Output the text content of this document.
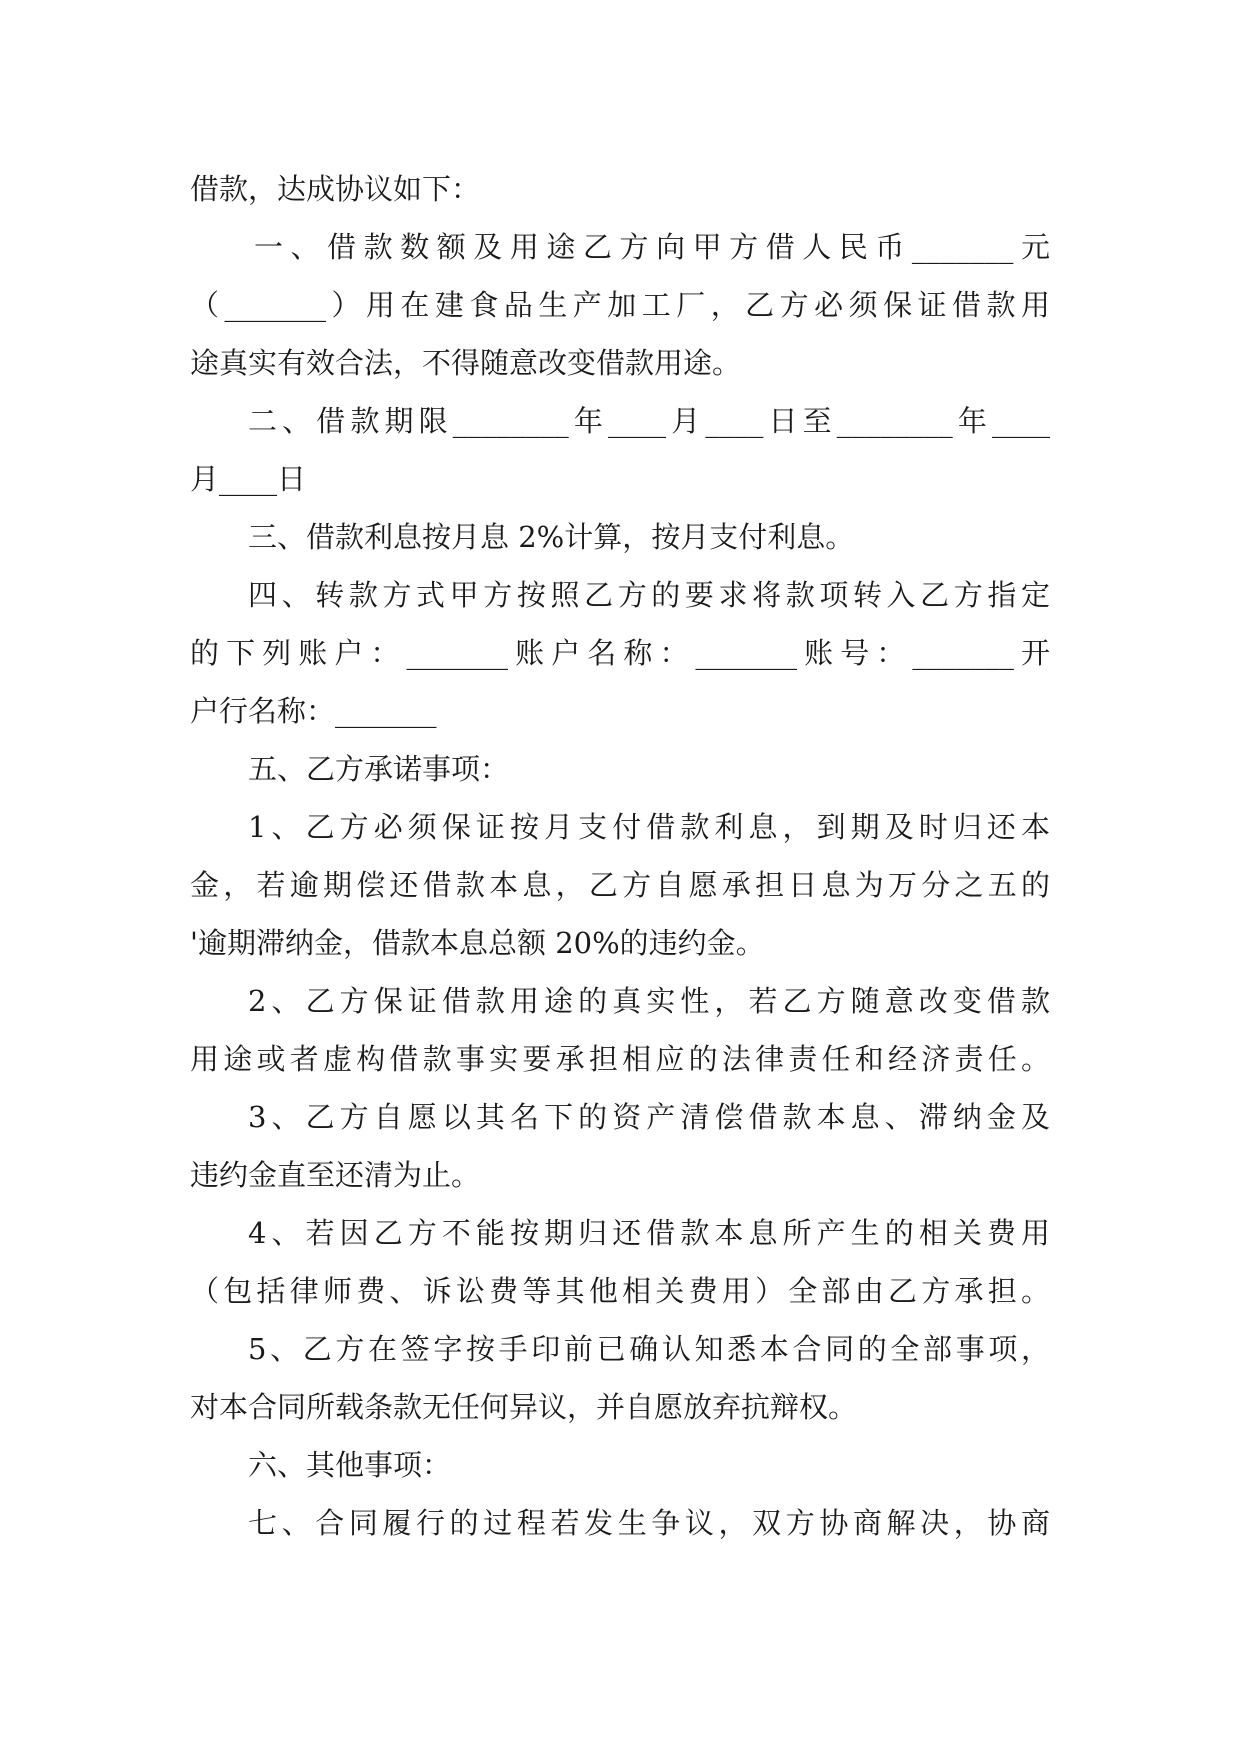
借款，达成协议如下：
一、借款数额及用途乙方向甲方借人民币_______元
（_______）用在建食品生产加工厂，乙方必须保证借款用
途真实有效合法，不得随意改变借款用途。
二、借款期限________年____月____日至________年____
月____日
三、借款利息按月息 2%计算，按月支付利息。
四、转款方式甲方按照乙方的要求将款项转入乙方指定
的下列账户：_______账户名称：_______账号：_______开
户行名称：_______
五、乙方承诺事项：
1、乙方必须保证按月支付借款利息，到期及时归还本
金，若逾期偿还借款本息，乙方自愿承担日息为万分之五的
'逾期滞纳金，借款本息总额 20%的违约金。
2、乙方保证借款用途的真实性，若乙方随意改变借款
用途或者虚构借款事实要承担相应的法律责任和经济责任。
3、乙方自愿以其名下的资产清偿借款本息、滞纳金及
违约金直至还清为止。
4、若因乙方不能按期归还借款本息所产生的相关费用
（包括律师费、诉讼费等其他相关费用）全部由乙方承担。
5、乙方在签字按手印前已确认知悉本合同的全部事项，
对本合同所载条款无任何异议，并自愿放弃抗辩权。
六、其他事项：
七、合同履行的过程若发生争议，双方协商解决，协商
